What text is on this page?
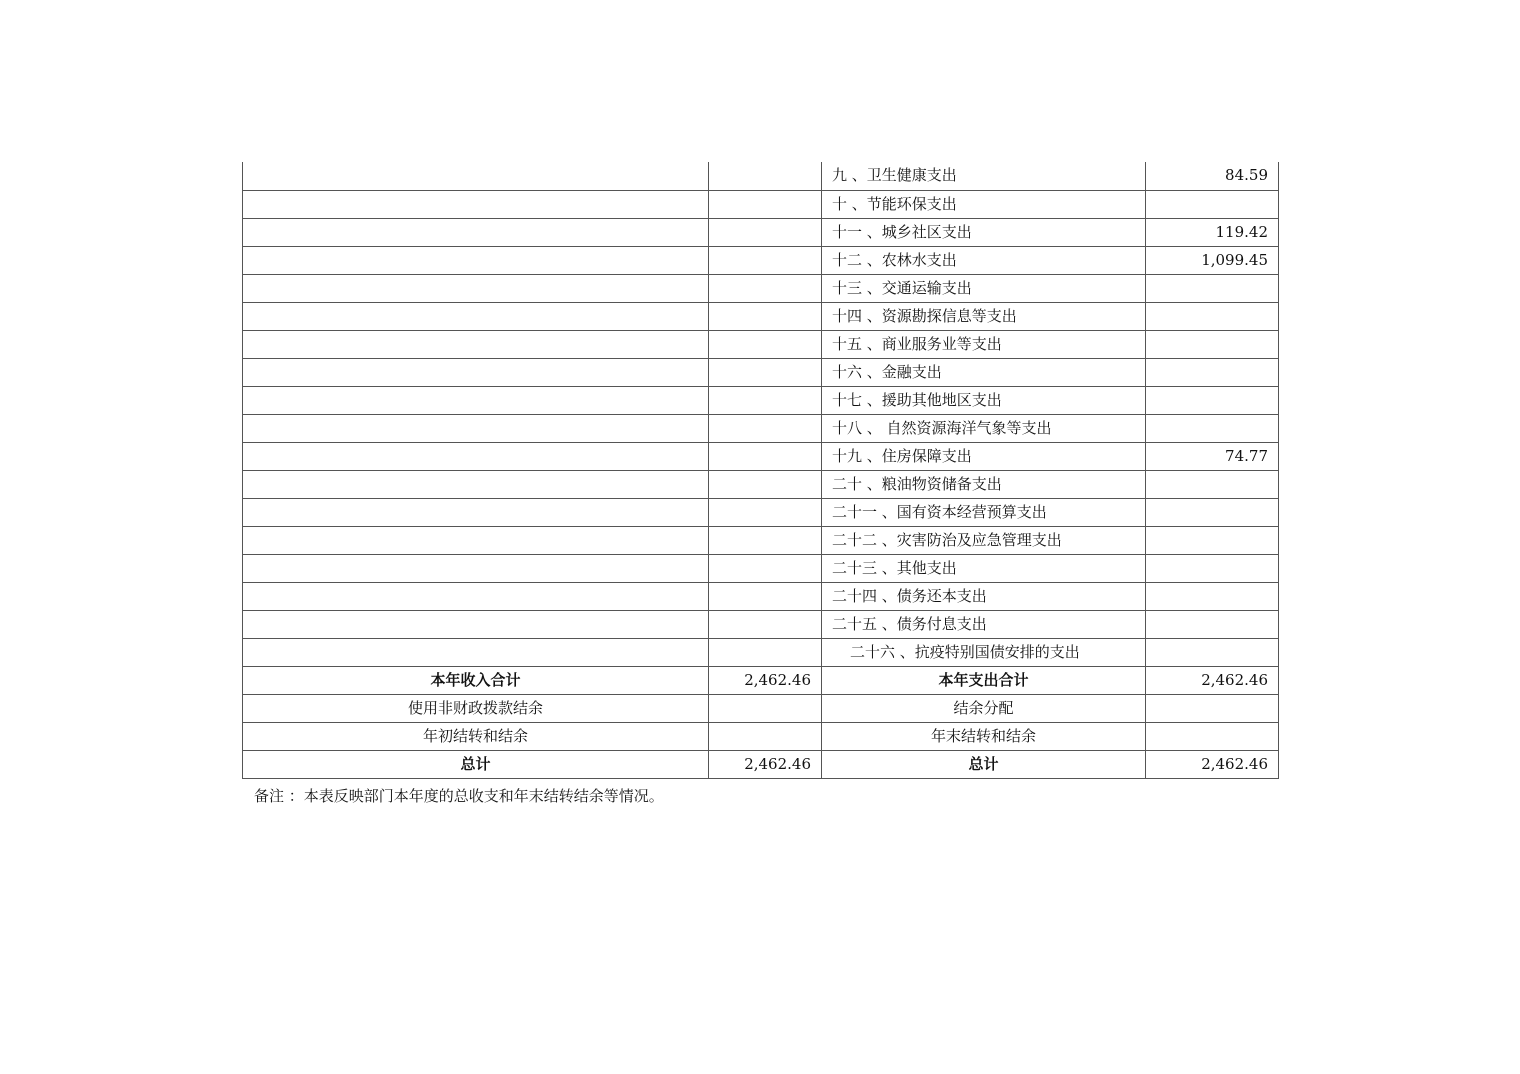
		九 、卫生健康支出	84.59
		十 、节能环保支出	
		十一 、城乡社区支出	119.42
		十二 、农林水支出	1,099.45
		十三 、交通运输支出	
		十四 、资源勘探信息等支出	
		十五 、商业服务业等支出	
		十六 、金融支出	
		十七 、援助其他地区支出	
		十八 、 自然资源海洋气象等支出	
		十九 、住房保障支出	74.77
		二十 、粮油物资储备支出	
		二十一 、国有资本经营预算支出	
		二十二 、灾害防治及应急管理支出	
		二十三 、其他支出	
		二十四 、债务还本支出	
		二十五 、债务付息支出	
		二十六 、抗疫特别国债安排的支出	
本年收入合计	2,462.46	本年支出合计	2,462.46
使用非财政拨款结余		结余分配	
年初结转和结余		年末结转和结余	
总计	2,462.46	总计	2,462.46
备注 ：本表反映部门本年度的总收支和年末结转结余等情况。
